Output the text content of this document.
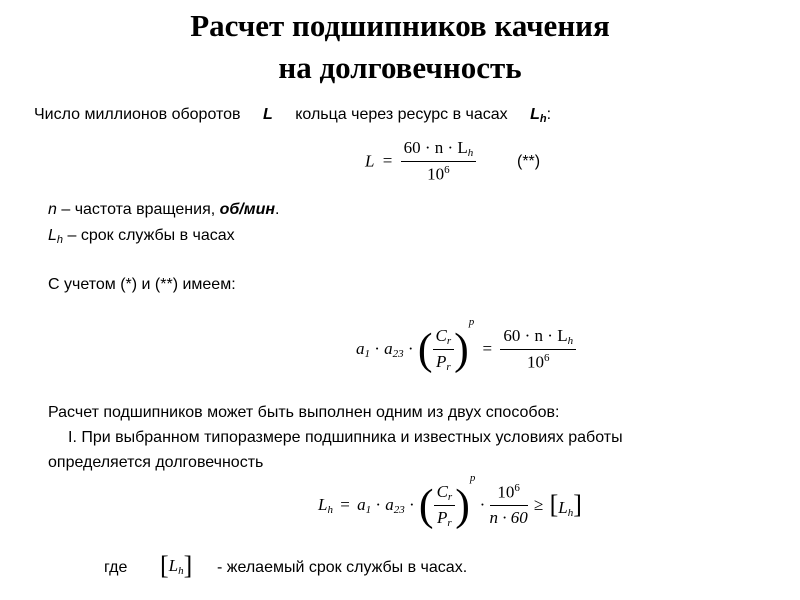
Расчет подшипников качения
на долговечность
Число миллионов оборотов L кольца через ресурс в часах $L_h$:
$L = \frac{60 \cdot n \cdot L_h}{10^6}$	(**)
n – частота вращения, об/мин.
$L_h$ – срок службы в часах
С учетом (*) и (**) имеем:
$a_1 \cdot a_{23}$ · ( $\frac{C_r}{P_r} )^p = \frac{60 \cdot n \cdot L_h}{10^6}$
Расчет подшипников может быть выполнен одним из двух способов:
I. При выбранном типоразмере подшипника и известных условиях работы
определяется долговечность
$L_h = a_1 \cdot a_{23}$ · ( $\frac{C_r}{P_r} )^p \cdot \frac{10^6}{n \cdot 60} \ge [L_h]$
где $[L_h]$ - желаемый срок службы в часах.
